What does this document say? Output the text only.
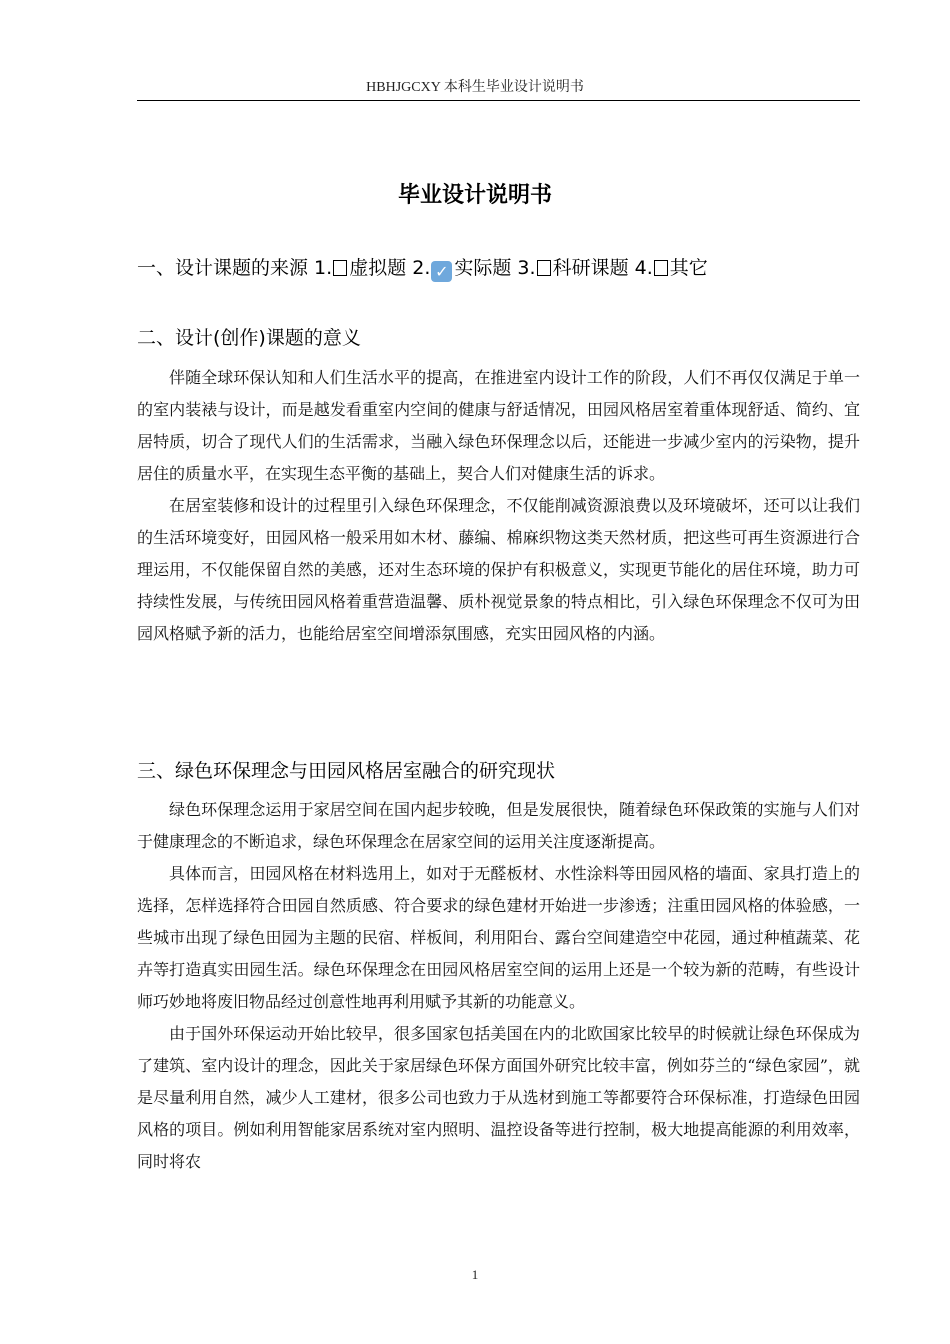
HBHJGCXY 本科生毕业设计说明书
毕业设计说明书
一、设计课题的来源 1. 虚拟题 2. ✓ 实际题 3. 科研课题 4. 其它
二、设计(创作)课题的意义

伴随全球环保认知和人们生活水平的提高，在推进室内设计工作的阶段，人们不再仅仅满足于单一的室内装裱与设计，而是越发看重室内空间的健康与舒适情况，田园风格居室着重体现舒适、简约、宜居特质，切合了现代人们的生活需求，当融入绿色环保理念以后，还能进一步减少室内的污染物，提升居住的质量水平，在实现生态平衡的基础上，契合人们对健康生活的诉求。

在居室装修和设计的过程里引入绿色环保理念，不仅能削减资源浪费以及环境破坏，还可以让我们的生活环境变好，田园风格一般采用如木材、藤编、棉麻织物这类天然材质，把这些可再生资源进行合理运用，不仅能保留自然的美感，还对生态环境的保护有积极意义，实现更节能化的居住环境，助力可持续性发展，与传统田园风格着重营造温馨、质朴视觉景象的特点相比，引入绿色环保理念不仅可为田园风格赋予新的活力，也能给居室空间增添氛围感，充实田园风格的内涵。

三、绿色环保理念与田园风格居室融合的研究现状

绿色环保理念运用于家居空间在国内起步较晚，但是发展很快，随着绿色环保政策的实施与人们对于健康理念的不断追求，绿色环保理念在居家空间的运用关注度逐渐提高。

具体而言，田园风格在材料选用上，如对于无醛板材、水性涂料等田园风格的墙面、家具打造上的选择，怎样选择符合田园自然质感、符合要求的绿色建材开始进一步渗透；注重田园风格的体验感，一些城市出现了绿色田园为主题的民宿、样板间，利用阳台、露台空间建造空中花园，通过种植蔬菜、花卉等打造真实田园生活。绿色环保理念在田园风格居室空间的运用上还是一个较为新的范畴，有些设计师巧妙地将废旧物品经过创意性地再利用赋予其新的功能意义。

由于国外环保运动开始比较早，很多国家包括美国在内的北欧国家比较早的时候就让绿色环保成为了建筑、室内设计的理念，因此关于家居绿色环保方面国外研究比较丰富，例如芬兰的“绿色家园”，就是尽量利用自然，减少人工建材，很多公司也致力于从选材到施工等都要符合环保标准，打造绿色田园风格的项目。例如利用智能家居系统对室内照明、温控设备等进行控制，极大地提高能源的利用效率，同时将农

1
